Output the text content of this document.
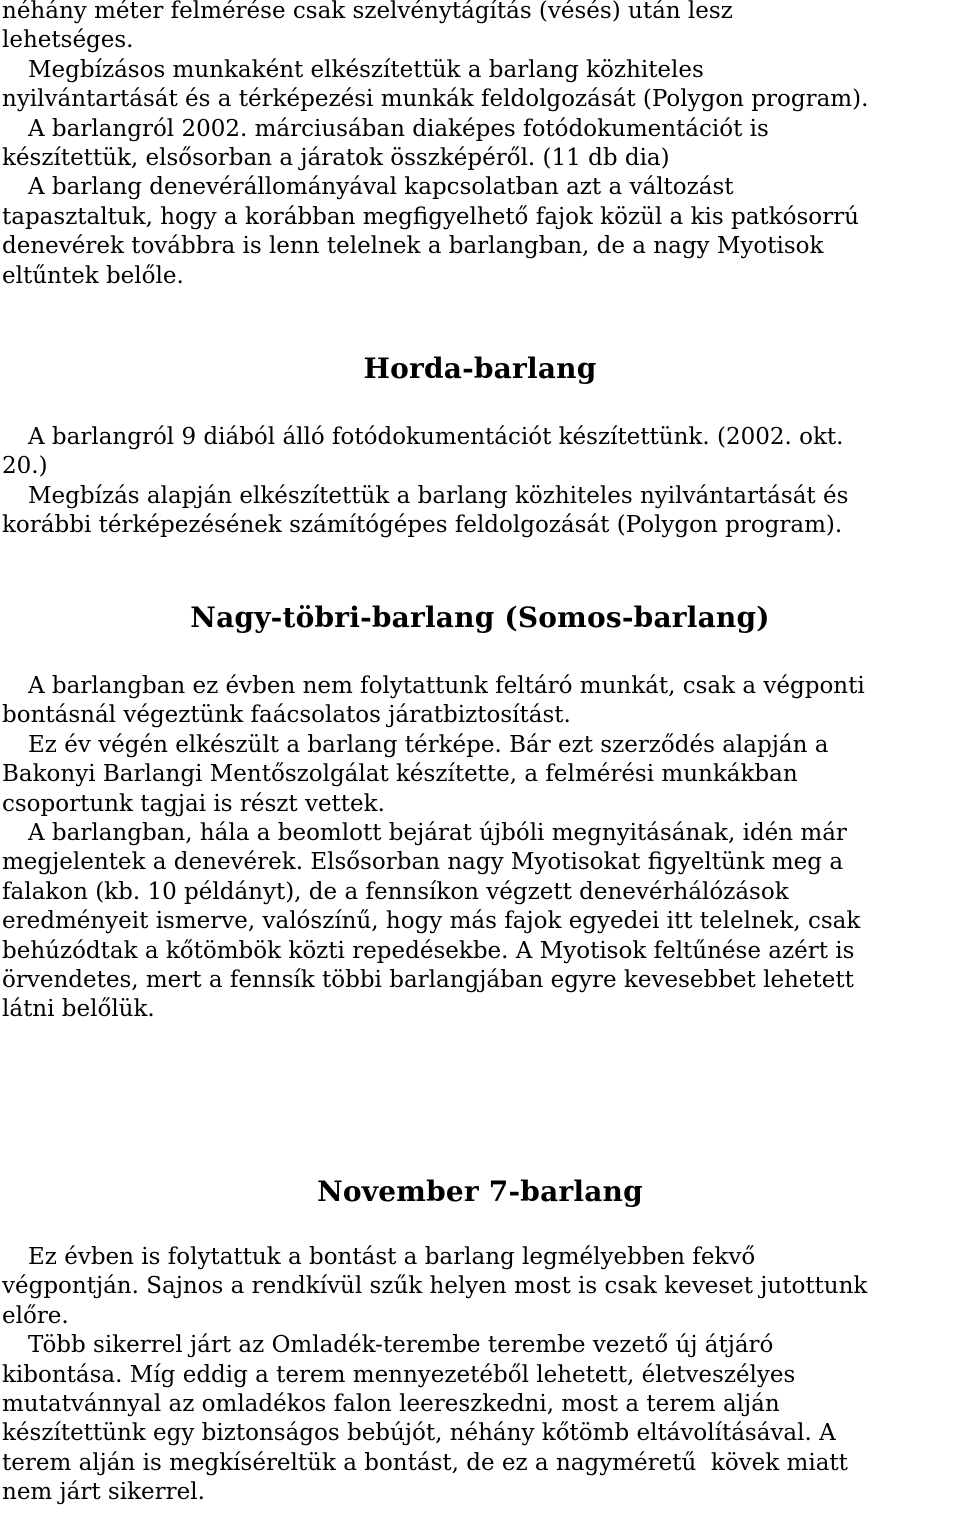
néhány méter felmérése csak szelvénytágítás (vésés) után lesz
lehetséges.
Megbízásos munkaként elkészítettük a barlang közhiteles
nyilvántartását és a térképezési munkák feldolgozását (Polygon program).
A barlangról 2002. márciusában diaképes fotódokumentációt is
készítettük, elsősorban a járatok összképéről. (11 db dia)
A barlang denevérállományával kapcsolatban azt a változást
tapasztaltuk, hogy a korábban megfigyelhető fajok közül a kis patkósorrú
denevérek továbbra is lenn telelnek a barlangban, de a nagy Myotisok
eltűntek belőle.
Horda-barlang
A barlangról 9 diából álló fotódokumentációt készítettünk. (2002. okt.
20.)
Megbízás alapján elkészítettük a barlang közhiteles nyilvántartását és
korábbi térképezésének számítógépes feldolgozását (Polygon program).
Nagy-töbri-barlang (Somos-barlang)
A barlangban ez évben nem folytattunk feltáró munkát, csak a végponti
bontásnál végeztünk faácsolatos járatbiztosítást.
Ez év végén elkészült a barlang térképe. Bár ezt szerződés alapján a
Bakonyi Barlangi Mentőszolgálat készítette, a felmérési munkákban
csoportunk tagjai is részt vettek.
A barlangban, hála a beomlott bejárat újbóli megnyitásának, idén már
megjelentek a denevérek. Elsősorban nagy Myotisokat figyeltünk meg a
falakon (kb. 10 példányt), de a fennsíkon végzett denevérhálózások
eredményeit ismerve, valószínű, hogy más fajok egyedei itt telelnek, csak
behúzódtak a kőtömbök közti repedésekbe. A Myotisok feltűnése azért is
örvendetes, mert a fennsík többi barlangjában egyre kevesebbet lehetett
látni belőlük.
November 7-barlang
Ez évben is folytattuk a bontást a barlang legmélyebben fekvő
végpontján. Sajnos a rendkívül szűk helyen most is csak keveset jutottunk
előre.
Több sikerrel járt az Omladék-terembe terembe vezető új átjáró
kibontása. Míg eddig a terem mennyezetéből lehetett, életveszélyes
mutatvánnyal az omladékos falon leereszkedni, most a terem alján
készítettünk egy biztonságos bebújót, néhány kőtömb eltávolításával. A
terem alján is megkíséreltük a bontást, de ez a nagyméretű  kövek miatt
nem járt sikerrel.
